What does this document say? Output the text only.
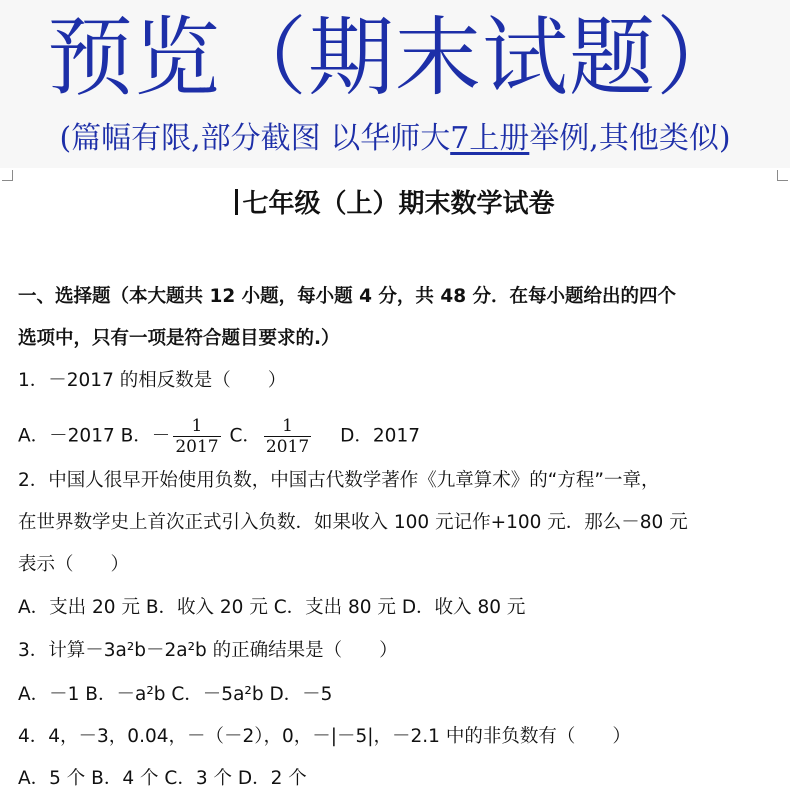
预览（期末试题）
(篇幅有限,部分截图 以华师大7上册举例,其他类似)
七年级（上）期末数学试卷
一、选择题（本大题共 12 小题，每小题 4 分，共 48 分．在每小题给出的四个
选项中，只有一项是符合题目要求的.）
1．－2017 的相反数是（　　）
A．－2017 B．－ $\frac{1}{2017}$ C． $\frac{1}{2017}$ D．2017
2．中国人很早开始使用负数，中国古代数学著作《九章算术》的“方程”一章，
在世界数学史上首次正式引入负数．如果收入 100 元记作+100 元．那么－80 元
表示（　　）
A．支出 20 元 B．收入 20 元 C．支出 80 元 D．收入 80 元
3．计算－3a²b－2a²b 的正确结果是（　　）
A．－1 B．－a²b C．－5a²b D．－5
4．4，－3，0.04，－（－2），0，－|－5|，－2.1 中的非负数有（　　）
A．5 个 B．4 个 C．3 个 D．2 个
